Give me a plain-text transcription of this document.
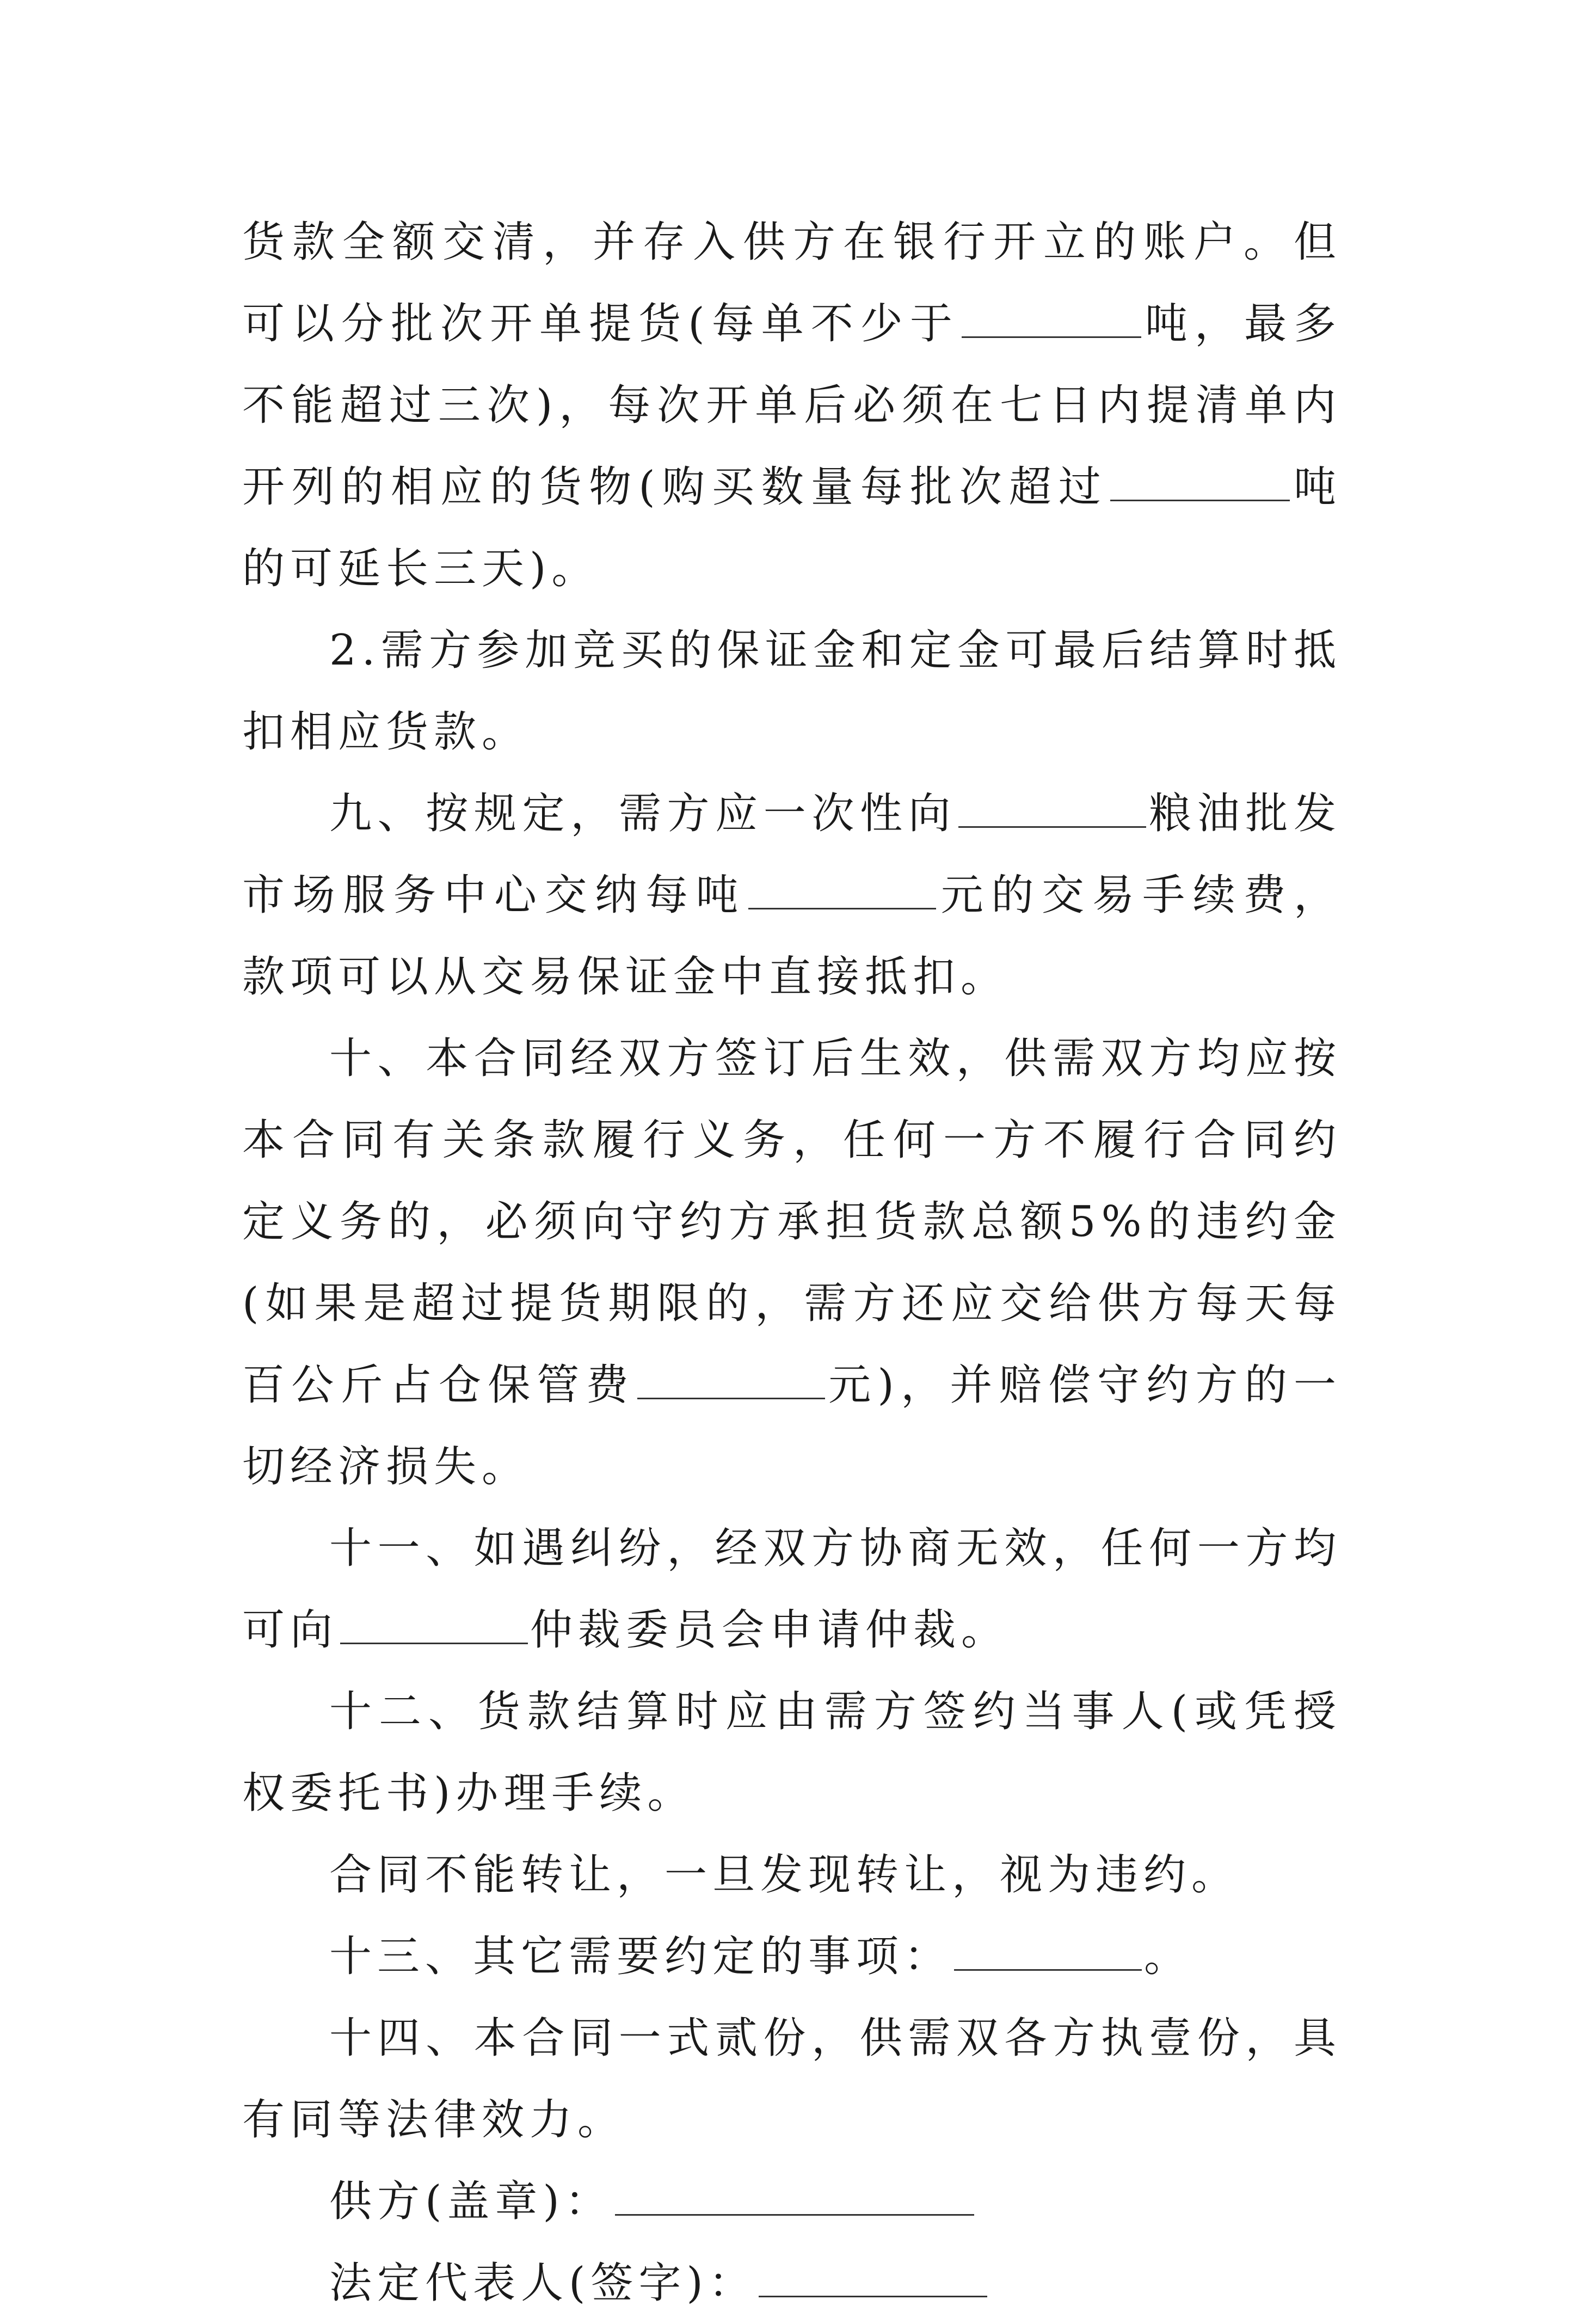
货款全额交清，并存入供方在银行开立的账户。但可以分批次开单提货(每单不少于	吨，最多不能超过三次)，每次开单后必须在七日内提清单内开列的相应的货物(购买数量每批次超过	吨的可延长三天)。

2.需方参加竞买的保证金和定金可最后结算时抵扣相应货款。

九、按规定，需方应一次性向	粮油批发市场服务中心交纳每吨	元的交易手续费，款项可以从交易保证金中直接抵扣。

十、本合同经双方签订后生效，供需双方均应按本合同有关条款履行义务，任何一方不履行合同约定义务的，必须向守约方承担货款总额5%的违约金(如果是超过提货期限的，需方还应交给供方每天每百公斤占仓保管费	元)，并赔偿守约方的一切经济损失。

十一、如遇纠纷，经双方协商无效，任何一方均可向	仲裁委员会申请仲裁。

十二、货款结算时应由需方签约当事人(或凭授权委托书)办理手续。

合同不能转让，一旦发现转让，视为违约。

十三、其它需要约定的事项：	。

十四、本合同一式贰份，供需双各方执壹份，具有同等法律效力。

供方(盖章)：

法定代表人(签字)：
